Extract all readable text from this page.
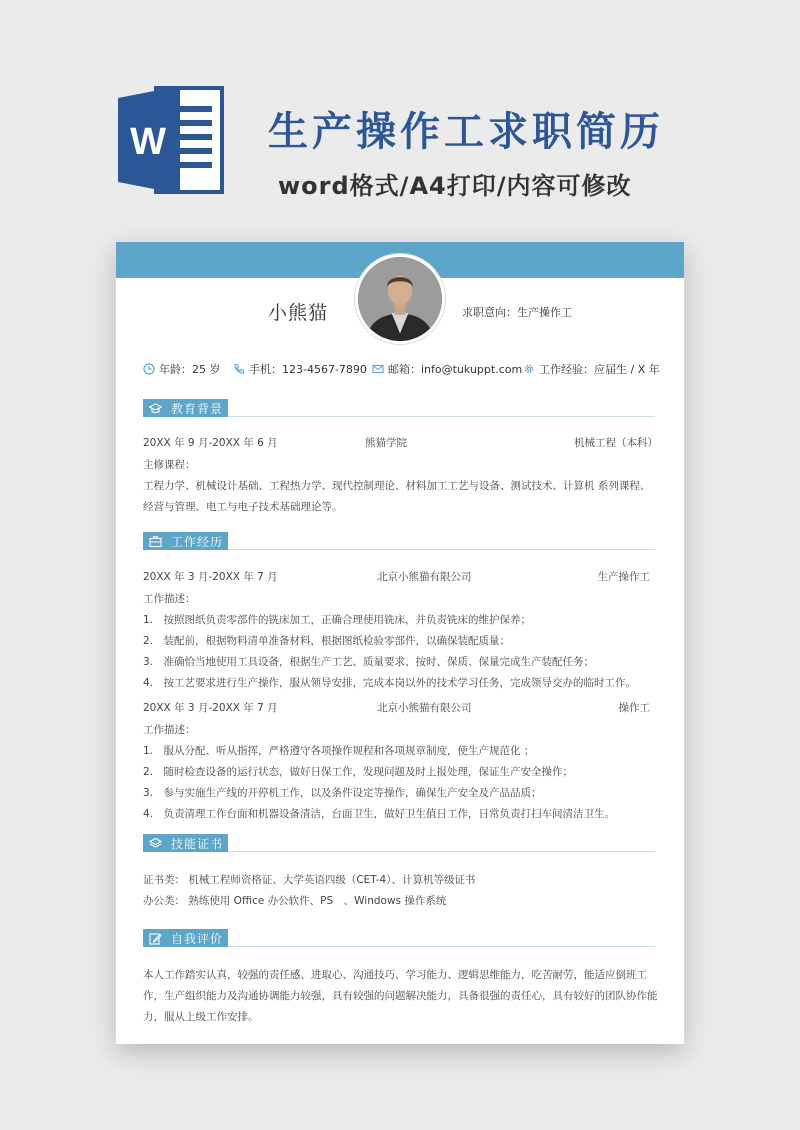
W	生产操作工求职简历
word格式/A4打印/内容可修改
小熊猫	求职意向：生产操作工
年龄：25 岁	手机：123-4567-7890 邮箱：info@tukuppt.com 工作经验：应届生 / X 年
教育背景
20XX 年 9 月-20XX 年 6 月	熊猫学院	机械工程（本科）
主修课程：
工程力学、机械设计基础、工程热力学、现代控制理论、材料加工工艺与设备、测试技术、计算机 系列课程、
经营与管理、电工与电子技术基础理论等。
工作经历
20XX 年 3 月-20XX 年 7 月	北京小熊猫有限公司	生产操作工
工作描述：
1.　按照图纸负责零部件的铣床加工，正确合理使用铣床，并负责铣床的维护保养；
2.　装配前，根据物料清单准备材料，根据图纸检验零部件，以确保装配质量；
3.　准确恰当地使用工具设备，根据生产工艺、质量要求、按时、保质、保量完成生产装配任务；
4.　按工艺要求进行生产操作，服从领导安排，完成本岗以外的技术学习任务，完成领导交办的临时工作。
20XX 年 3 月-20XX 年 7 月	北京小熊猫有限公司	操作工
工作描述：
1.　服从分配、听从指挥，严格遵守各项操作规程和各项规章制度，使生产规范化 ；
2.　随时检查设备的运行状态，做好日保工作，发现问题及时上报处理，保证生产安全操作；
3.　参与实施生产线的开停机工作，以及条件设定等操作，确保生产安全及产品品质；
4.　负责清理工作台面和机器设备清洁，台面卫生，做好卫生值日工作，日常负责打扫车间清洁卫生。
技能证书
证书类： 机械工程师资格证、大学英语四级（CET-4）、计算机等级证书
办公类： 熟练使用 Office 办公软件、PS　、Windows 操作系统
自我评价
本人工作踏实认真，较强的责任感、进取心、沟通技巧、学习能力、逻辑思维能力，吃苦耐劳，能适应倒班工作，生产组织能力及沟通协调能力较强，具有较强的问题解决能力，具备很强的责任心，具有较好的团队协作能力，服从上级工作安排。
